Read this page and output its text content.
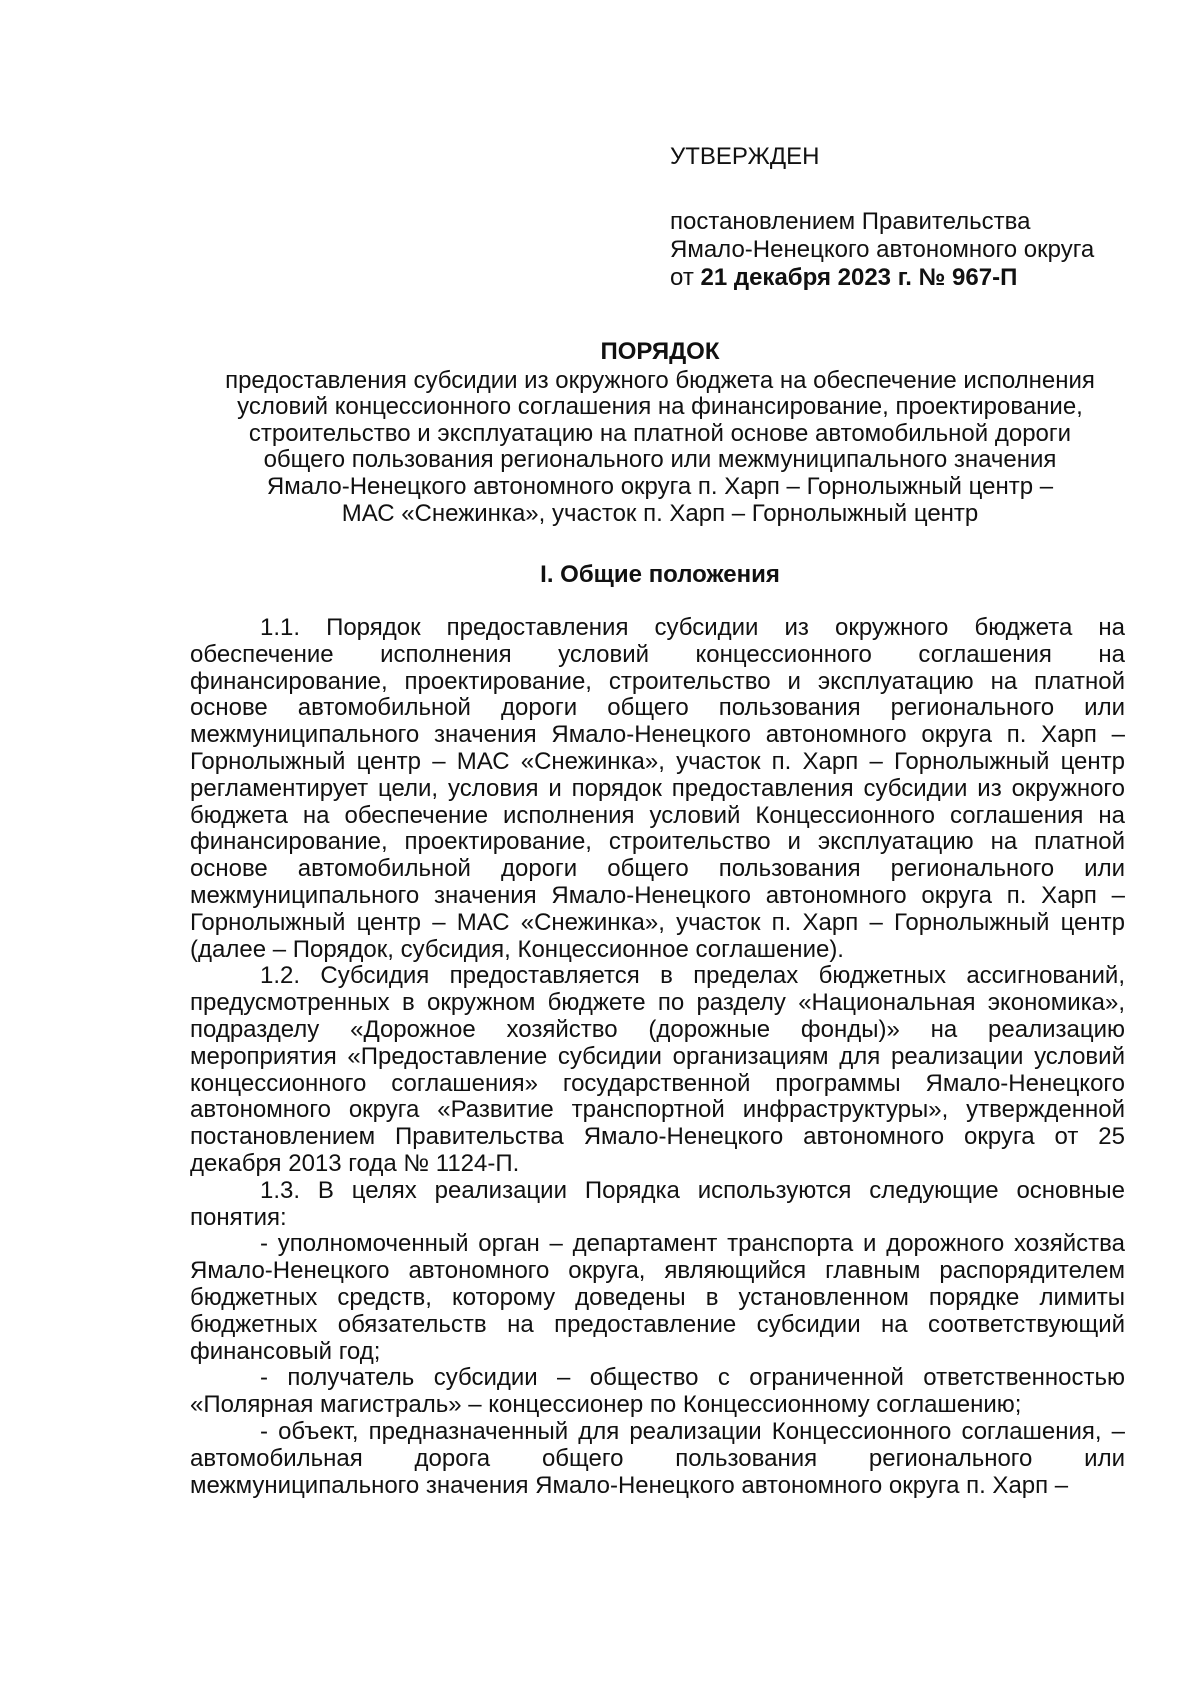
УТВЕРЖДЕН
постановлением Правительства
Ямало-Ненецкого автономного округа
от 21 декабря 2023 г. № 967-П
ПОРЯДОК
предоставления субсидии из окружного бюджета на обеспечение исполнения
условий концессионного соглашения на финансирование, проектирование,
строительство и эксплуатацию на платной основе автомобильной дороги
общего пользования регионального или межмуниципального значения
Ямало-Ненецкого автономного округа п. Харп – Горнолыжный центр –
МАС «Снежинка», участок п. Харп – Горнолыжный центр
I. Общие положения

1.1. Порядок предоставления субсидии из окружного бюджета на обеспечение исполнения условий концессионного соглашения на финансирование, проектирование, строительство и эксплуатацию на платной основе автомобильной дороги общего пользования регионального или межмуниципального значения Ямало-Ненецкого автономного округа п. Харп – Горнолыжный центр – МАС «Снежинка», участок п. Харп – Горнолыжный центр регламентирует цели, условия и порядок предоставления субсидии из окружного бюджета на обеспечение исполнения условий Концессионного соглашения на финансирование, проектирование, строительство и эксплуатацию на платной основе автомобильной дороги общего пользования регионального или межмуниципального значения Ямало-Ненецкого автономного округа п. Харп – Горнолыжный центр – МАС «Снежинка», участок п. Харп – Горнолыжный центр (далее – Порядок, субсидия, Концессионное соглашение).

1.2. Субсидия предоставляется в пределах бюджетных ассигнований, предусмотренных в окружном бюджете по разделу «Национальная экономика», подразделу «Дорожное хозяйство (дорожные фонды)» на реализацию мероприятия «Предоставление субсидии организациям для реализации условий концессионного соглашения» государственной программы Ямало-Ненецкого автономного округа «Развитие транспортной инфраструктуры», утвержденной постановлением Правительства Ямало-Ненецкого автономного округа от 25 декабря 2013 года № 1124-П.

1.3. В целях реализации Порядка используются следующие основные понятия:

- уполномоченный орган – департамент транспорта и дорожного хозяйства Ямало-Ненецкого автономного округа, являющийся главным распорядителем бюджетных средств, которому доведены в установленном порядке лимиты бюджетных обязательств на предоставление субсидии на соответствующий финансовый год;

- получатель субсидии – общество с ограниченной ответственностью «Полярная магистраль» – концессионер по Концессионному соглашению;

- объект, предназначенный для реализации Концессионного соглашения, – автомобильная дорога общего пользования регионального или межмуниципального значения Ямало-Ненецкого автономного округа п. Харп –
